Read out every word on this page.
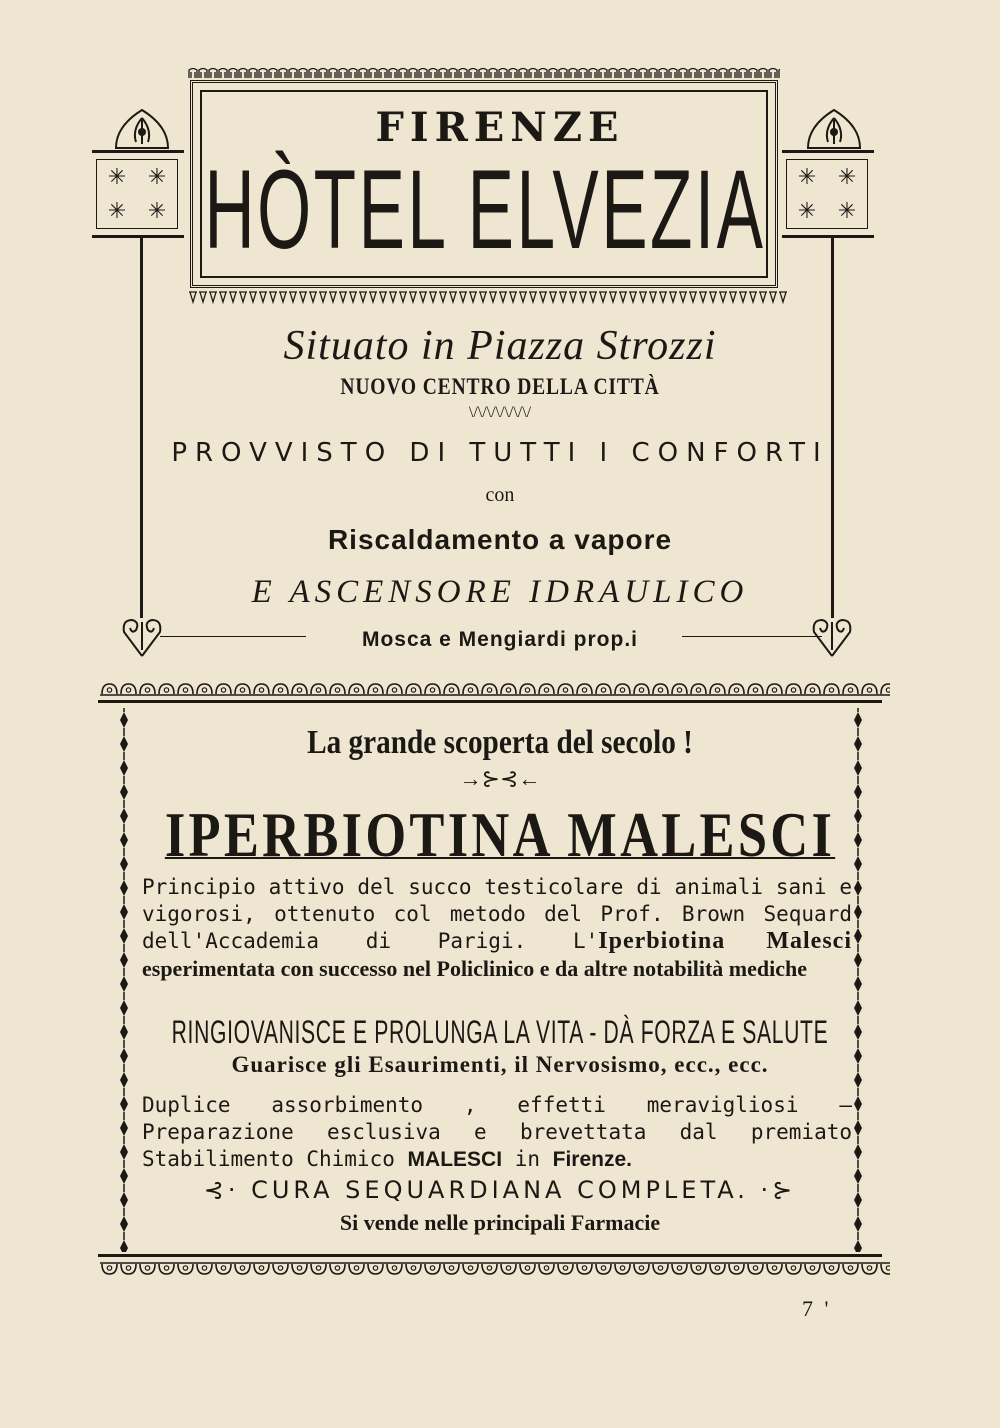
FIRENZE
HÒTEL ELVEZIA
✳ ✳
✳ ✳
✳ ✳
✳ ✳
Situato in Piazza Strozzi
NUOVO CENTRO DELLA CITTÀ
\/\/\/\/\/\/\/
PROVVISTO DI TUTTI I CONFORTI
con
Riscaldamento a vapore
E ASCENSORE IDRAULICO
Mosca e Mengiardi prop.i
La grande scoperta del secolo !
→⊱⊰←
IPERBIOTINA MALESCI
Principio attivo del succo testicolare di animali sani e vigorosi, ottenuto col metodo del Prof. Brown Sequard dell'Accademia di Parigi. L'Iperbiotina Malesci esperimentata con successo nel Policlinico e da altre notabilità mediche
RINGIOVANISCE E PROLUNGA LA VITA - DÀ FORZA E SALUTE
Guarisce gli Esaurimenti, il Nervosismo, ecc., ecc.
Duplice assorbimento , effetti meravigliosi — Preparazione esclusiva e brevettata dal premiato Stabilimento Chimico MALESCI in Firenze.
⊰· CURA SEQUARDIANA COMPLETA. ·⊱
Si vende nelle principali Farmacie
7 '
